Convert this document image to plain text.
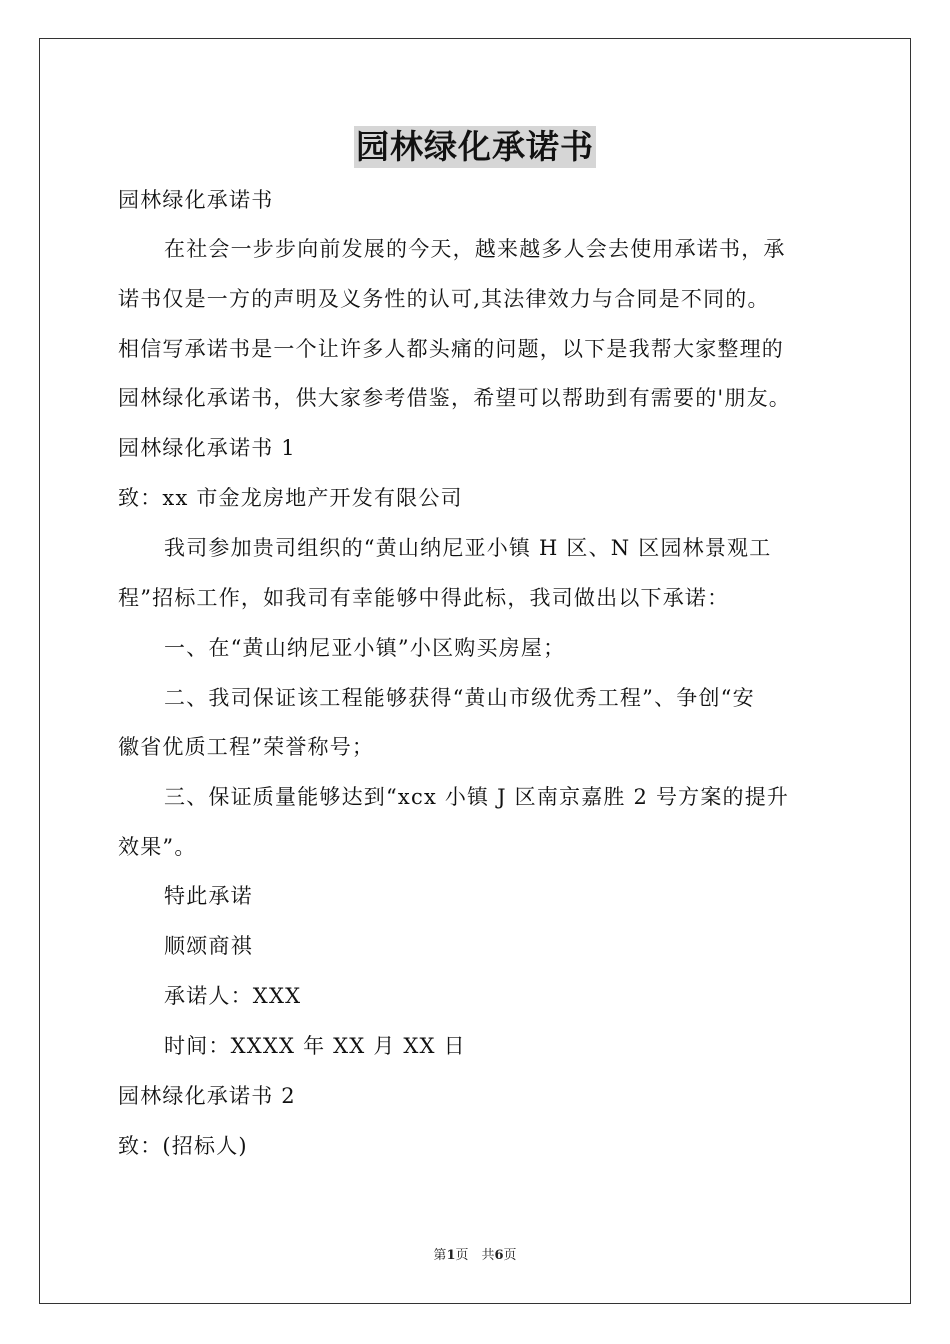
园林绿化承诺书
园林绿化承诺书
在社会一步步向前发展的今天，越来越多人会去使用承诺书，承
诺书仅是一方的声明及义务性的认可,其法律效力与合同是不同的。
相信写承诺书是一个让许多人都头痛的问题，以下是我帮大家整理的
园林绿化承诺书，供大家参考借鉴，希望可以帮助到有需要的'朋友。
园林绿化承诺书 1
致：xx 市金龙房地产开发有限公司
我司参加贵司组织的“黄山纳尼亚小镇 H 区、N 区园林景观工
程”招标工作，如我司有幸能够中得此标，我司做出以下承诺：
一、在“黄山纳尼亚小镇”小区购买房屋；
二、我司保证该工程能够获得“黄山市级优秀工程”、争创“安
徽省优质工程”荣誉称号；
三、保证质量能够达到“xcx 小镇 J 区南京嘉胜 2 号方案的提升
效果”。
特此承诺
顺颂商祺
承诺人：XXX
时间：XXXX 年 XX 月 XX 日
园林绿化承诺书 2
致：(招标人)
第1页　共6页
